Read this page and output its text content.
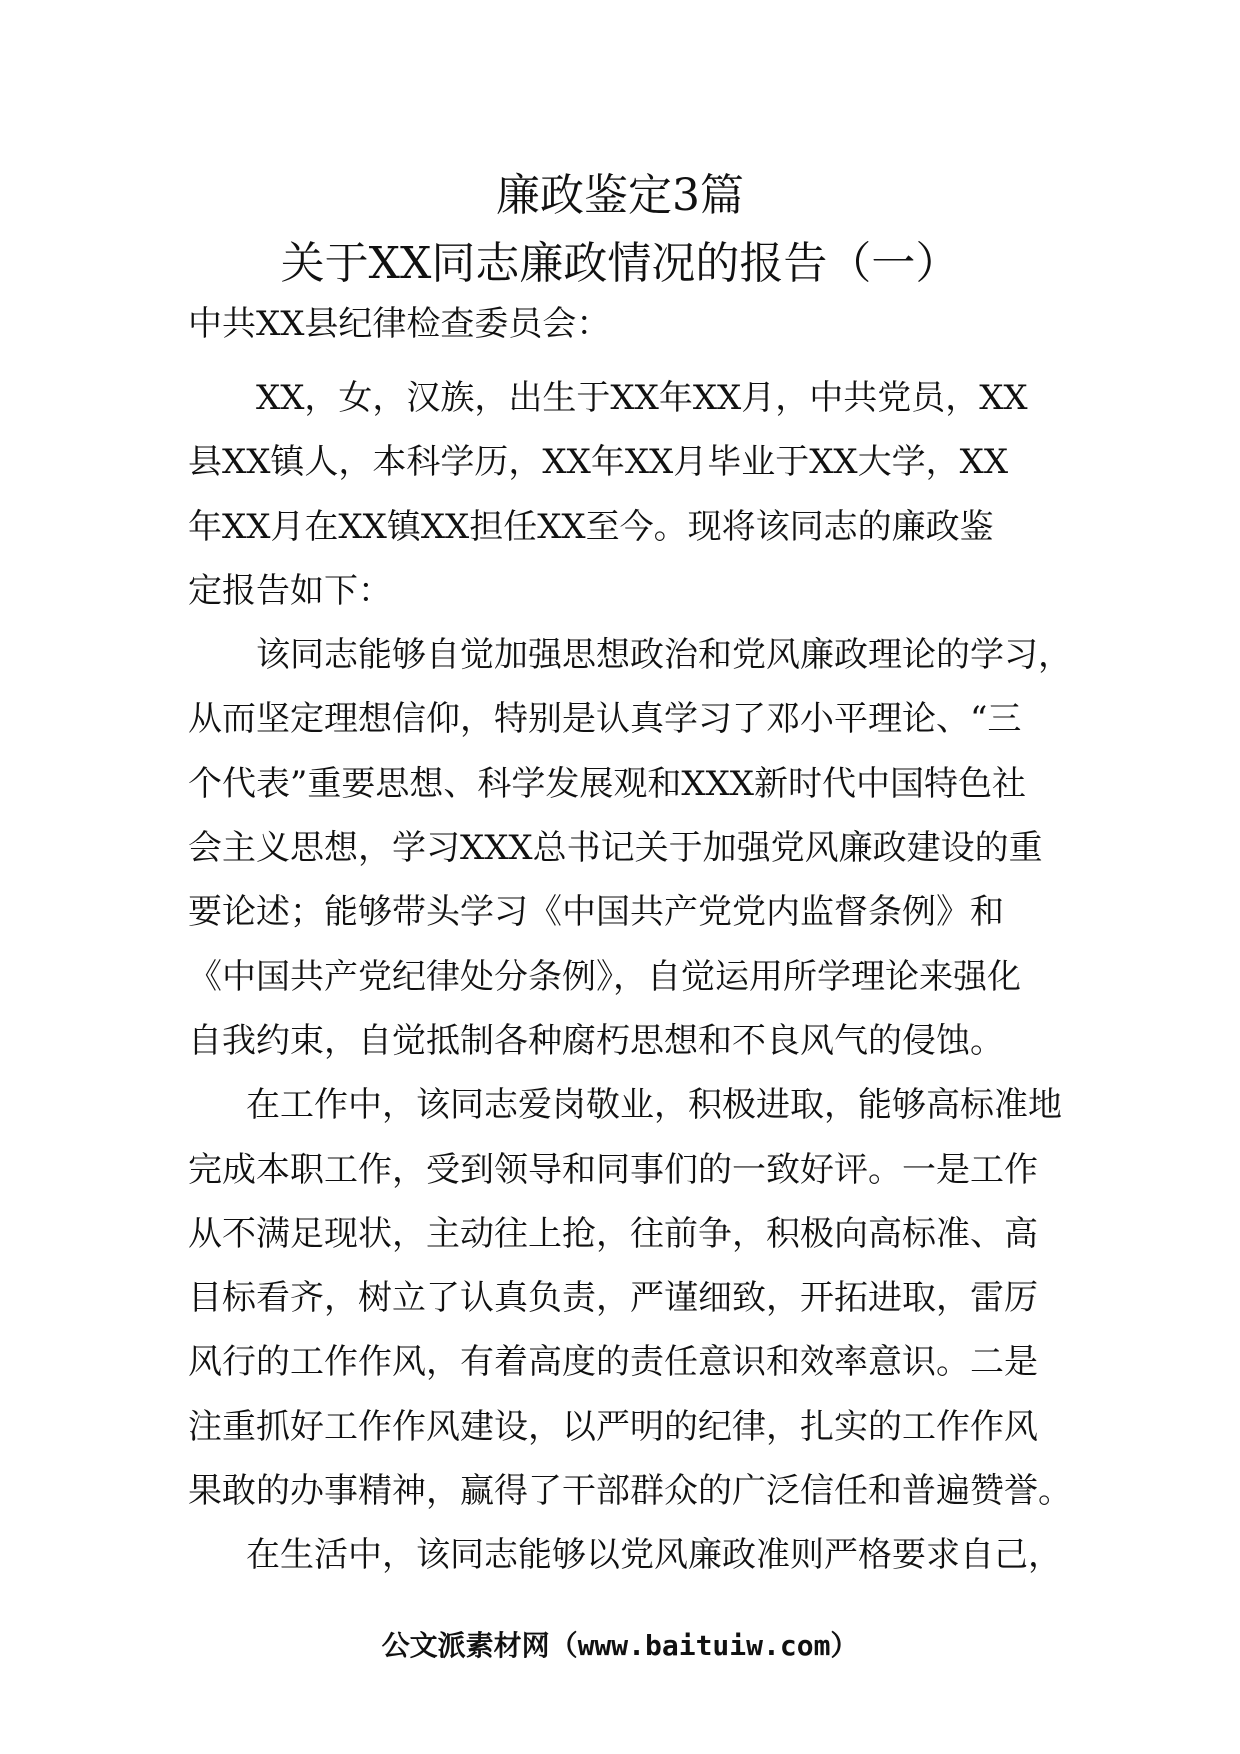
廉政鉴定3篇
关于XX同志廉政情况的报告（一）
中共XX县纪律检查委员会：
XX，女，汉族，出生于XX年XX月，中共党员，XX
县XX镇人，本科学历，XX年XX月毕业于XX大学，XX
年XX月在XX镇XX担任XX至今。现将该同志的廉政鉴
定报告如下：
该同志能够自觉加强思想政治和党风廉政理论的学习，
从而坚定理想信仰，特别是认真学习了邓小平理论、“三
个代表”重要思想、科学发展观和XXX新时代中国特色社
会主义思想，学习XXX总书记关于加强党风廉政建设的重
要论述；能够带头学习《中国共产党党内监督条例》和
《中国共产党纪律处分条例》，自觉运用所学理论来强化
自我约束，自觉抵制各种腐朽思想和不良风气的侵蚀。
在工作中，该同志爱岗敬业，积极进取，能够高标准地
完成本职工作，受到领导和同事们的一致好评。一是工作
从不满足现状，主动往上抢，往前争，积极向高标准、高
目标看齐，树立了认真负责，严谨细致，开拓进取，雷厉
风行的工作作风，有着高度的责任意识和效率意识。二是
注重抓好工作作风建设，以严明的纪律，扎实的工作作风
果敢的办事精神，赢得了干部群众的广泛信任和普遍赞誉。
在生活中，该同志能够以党风廉政准则严格要求自己，
公文派素材网（www.baituiw.com）
